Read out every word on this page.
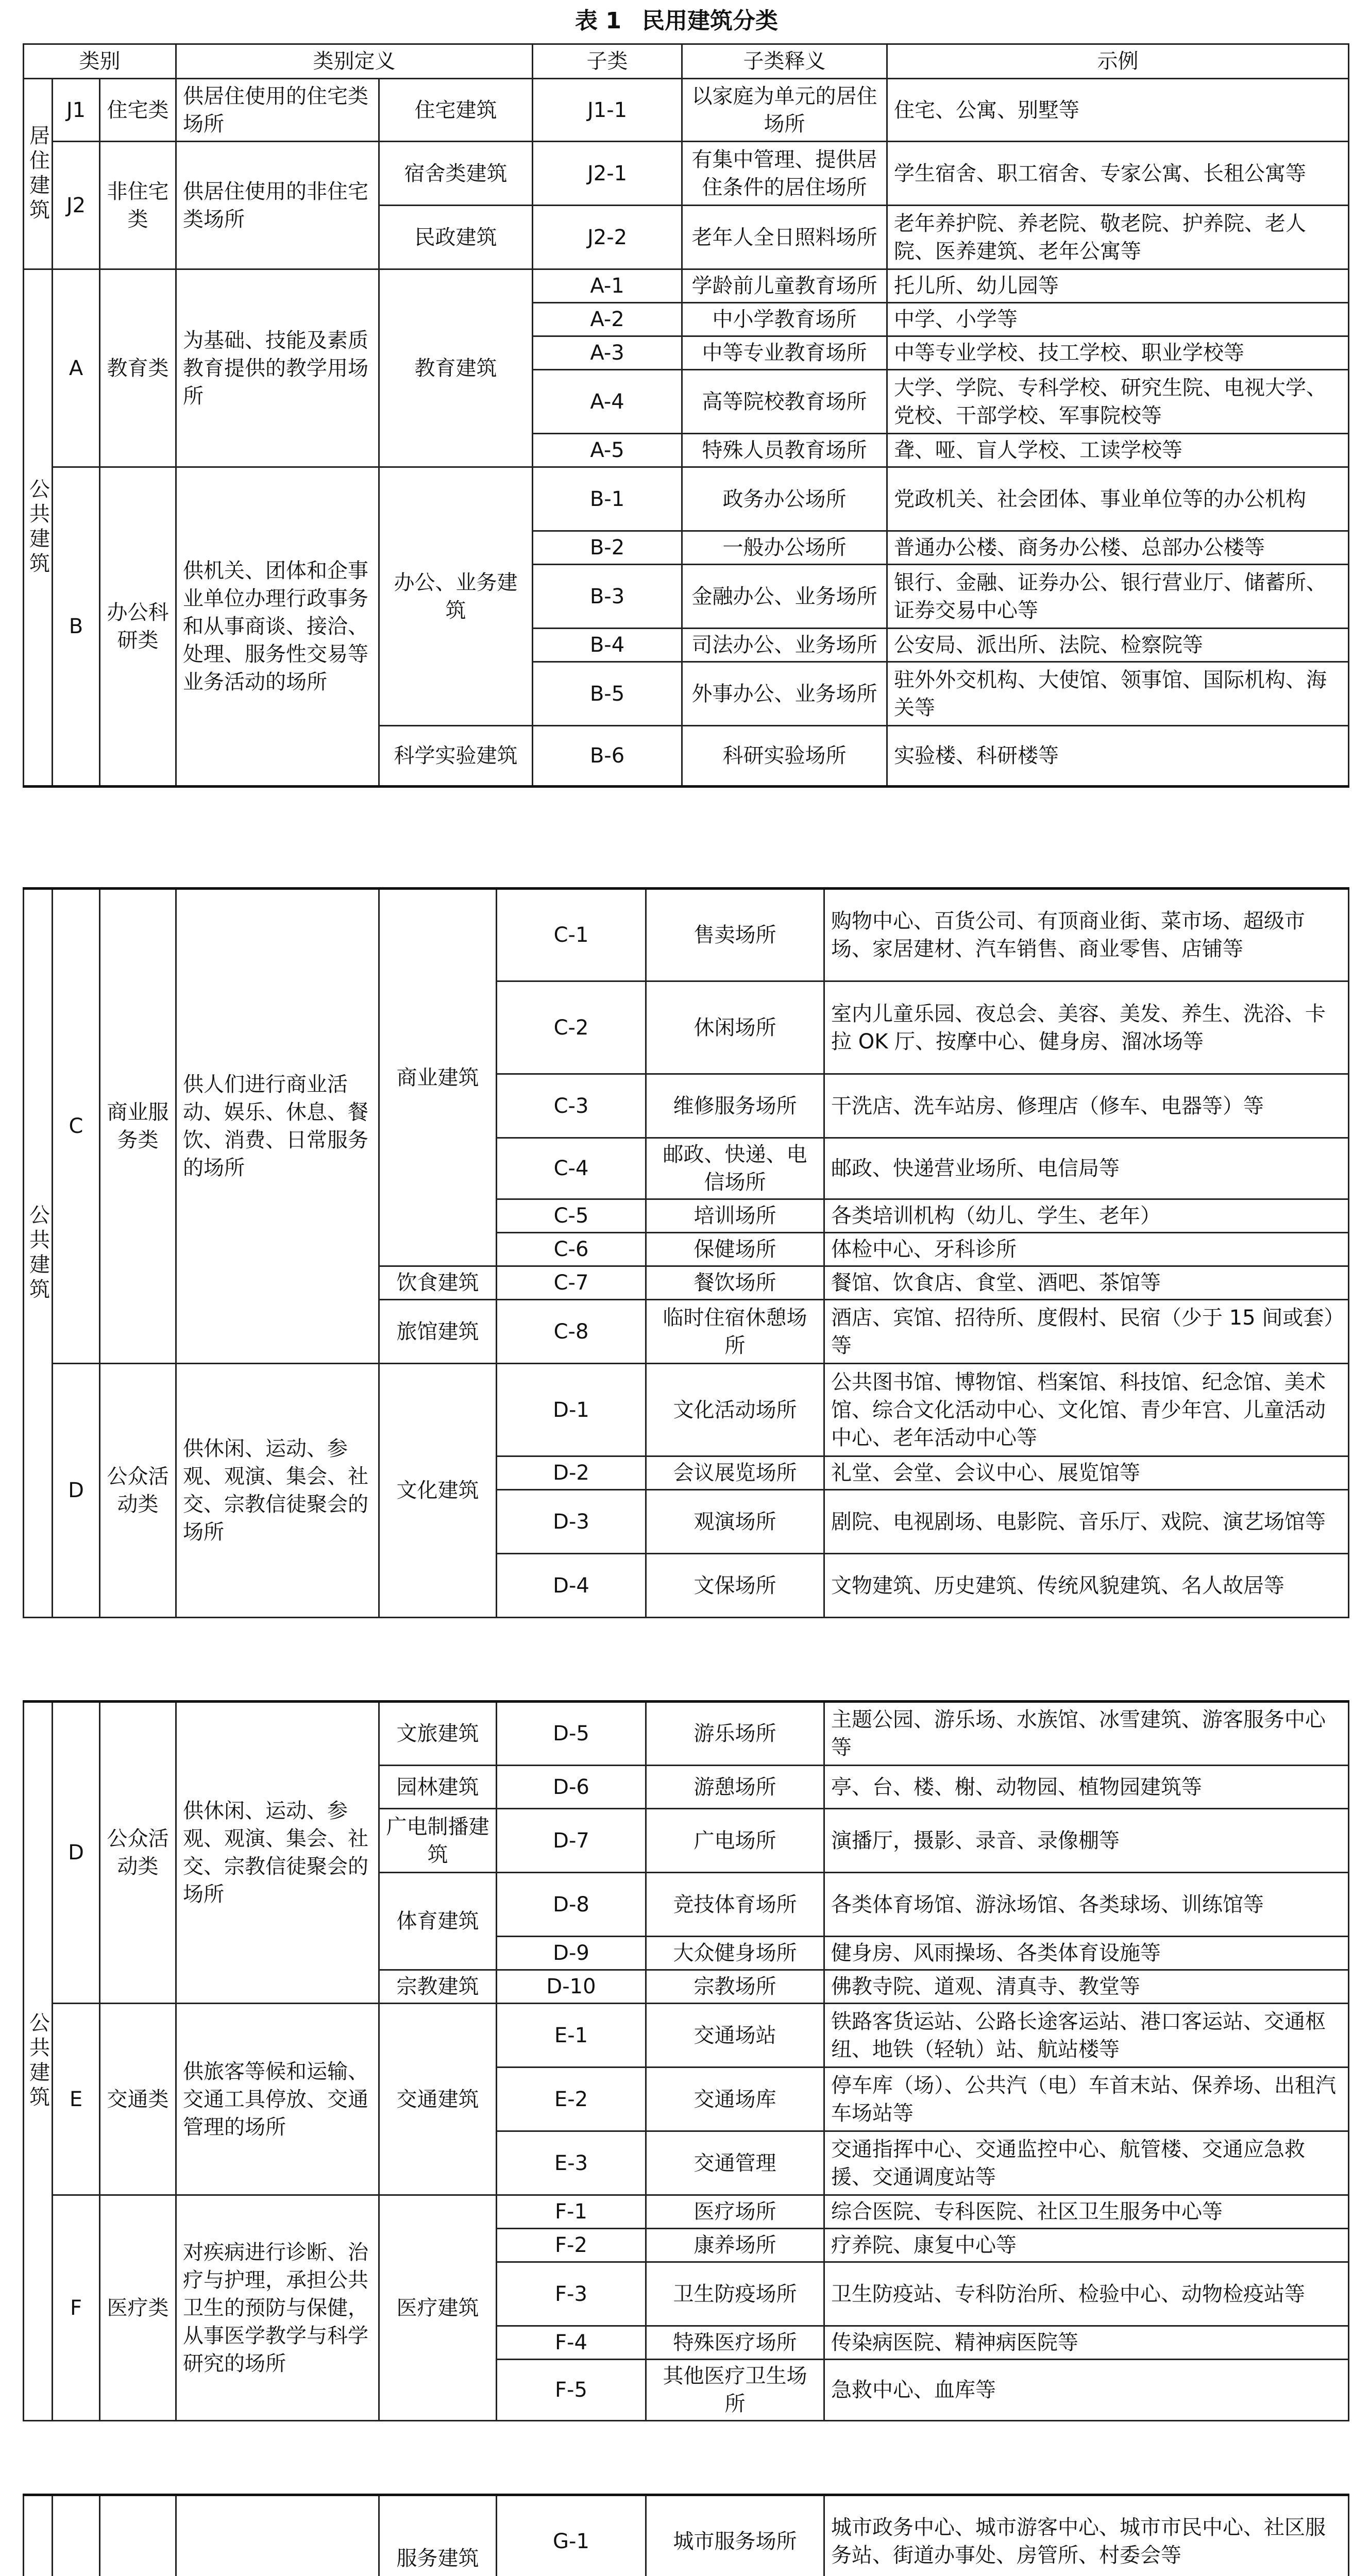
表 1 民用建筑分类
类别			类别定义		子类	子类释义	示例
居住建筑	J1	住宅类	供居住使用的住宅类场所	住宅建筑	J1-1	以家庭为单元的居住场所	住宅、公寓、别墅等
	J2	非住宅类	供居住使用的非住宅类场所	宿舍类建筑	J2-1	有集中管理、提供居住条件的居住场所	学生宿舍、职工宿舍、专家公寓、长租公寓等
				民政建筑	J2-2	老年人全日照料场所	老年养护院、养老院、敬老院、护养院、老人院、医养建筑、老年公寓等
公共建筑	A	教育类	为基础、技能及素质教育提供的教学用场所	教育建筑	A-1	学龄前儿童教育场所	托儿所、幼儿园等
					A-2	中小学教育场所	中学、小学等
					A-3	中等专业教育场所	中等专业学校、技工学校、职业学校等
					A-4	高等院校教育场所	大学、学院、专科学校、研究生院、电视大学、党校、干部学校、军事院校等
					A-5	特殊人员教育场所	聋、哑、盲人学校、工读学校等
	B	办公科研类	供机关、团体和企事业单位办理行政事务和从事商谈、接洽、处理、服务性交易等业务活动的场所	办公、业务建筑	B-1	政务办公场所	党政机关、社会团体、事业单位等的办公机构
					B-2	一般办公场所	普通办公楼、商务办公楼、总部办公楼等
					B-3	金融办公、业务场所	银行、金融、证券办公、银行营业厅、储蓄所、证券交易中心等
					B-4	司法办公、业务场所	公安局、派出所、法院、检察院等
					B-5	外事办公、业务场所	驻外外交机构、大使馆、领事馆、国际机构、海关等
				科学实验建筑	B-6	科研实验场所	实验楼、科研楼等
公共建筑	C	商业服务类	供人们进行商业活动、娱乐、休息、餐饮、消费、日常服务的场所	商业建筑	C-1	售卖场所	购物中心、百货公司、有顶商业街、菜市场、超级市场、家居建材、汽车销售、商业零售、店铺等
					C-2	休闲场所	室内儿童乐园、夜总会、美容、美发、养生、洗浴、卡拉 OK 厅、按摩中心、健身房、溜冰场等
					C-3	维修服务场所	干洗店、洗车站房、修理店（修车、电器等）等
					C-4	邮政、快递、电信场所	邮政、快递营业场所、电信局等
					C-5	培训场所	各类培训机构（幼儿、学生、老年）
					C-6	保健场所	体检中心、牙科诊所
				饮食建筑	C-7	餐饮场所	餐馆、饮食店、食堂、酒吧、茶馆等
				旅馆建筑	C-8	临时住宿休憩场所	酒店、宾馆、招待所、度假村、民宿（少于 15 间或套）等
	D	公众活动类	供休闲、运动、参观、观演、集会、社交、宗教信徒聚会的场所	文化建筑	D-1	文化活动场所	公共图书馆、博物馆、档案馆、科技馆、纪念馆、美术馆、综合文化活动中心、文化馆、青少年宫、儿童活动中心、老年活动中心等
					D-2	会议展览场所	礼堂、会堂、会议中心、展览馆等
					D-3	观演场所	剧院、电视剧场、电影院、音乐厅、戏院、演艺场馆等
					D-4	文保场所	文物建筑、历史建筑、传统风貌建筑、名人故居等
公共建筑	D	公众活动类	供休闲、运动、参观、观演、集会、社交、宗教信徒聚会的场所	文旅建筑	D-5	游乐场所	主题公园、游乐场、水族馆、冰雪建筑、游客服务中心等
				园林建筑	D-6	游憩场所	亭、台、楼、榭、动物园、植物园建筑等
				广电制播建筑	D-7	广电场所	演播厅，摄影、录音、录像棚等
				体育建筑	D-8	竞技体育场所	各类体育场馆、游泳场馆、各类球场、训练馆等
					D-9	大众健身场所	健身房、风雨操场、各类体育设施等
				宗教建筑	D-10	宗教场所	佛教寺院、道观、清真寺、教堂等
	E	交通类	供旅客等候和运输、交通工具停放、交通管理的场所	交通建筑	E-1	交通场站	铁路客货运站、公路长途客运站、港口客运站、交通枢纽、地铁（轻轨）站、航站楼等
					E-2	交通场库	停车库（场）、公共汽（电）车首末站、保养场、出租汽车场站等
					E-3	交通管理	交通指挥中心、交通监控中心、航管楼、交通应急救援、交通调度站等
	F	医疗类	对疾病进行诊断、治疗与护理，承担公共卫生的预防与保健，从事医学教学与科学研究的场所	医疗建筑	F-1	医疗场所	综合医院、专科医院、社区卫生服务中心等
					F-2	康养场所	疗养院、康复中心等
					F-3	卫生防疫场所	卫生防疫站、专科防治所、检验中心、动物检疫站等
					F-4	特殊医疗场所	传染病医院、精神病医院等
					F-5	其他医疗卫生场所	急救中心、血库等
				服务建筑	G-1	城市服务场所	城市政务中心、城市游客中心、城市市民中心、社区服务站、街道办事处、房管所、村委会等
